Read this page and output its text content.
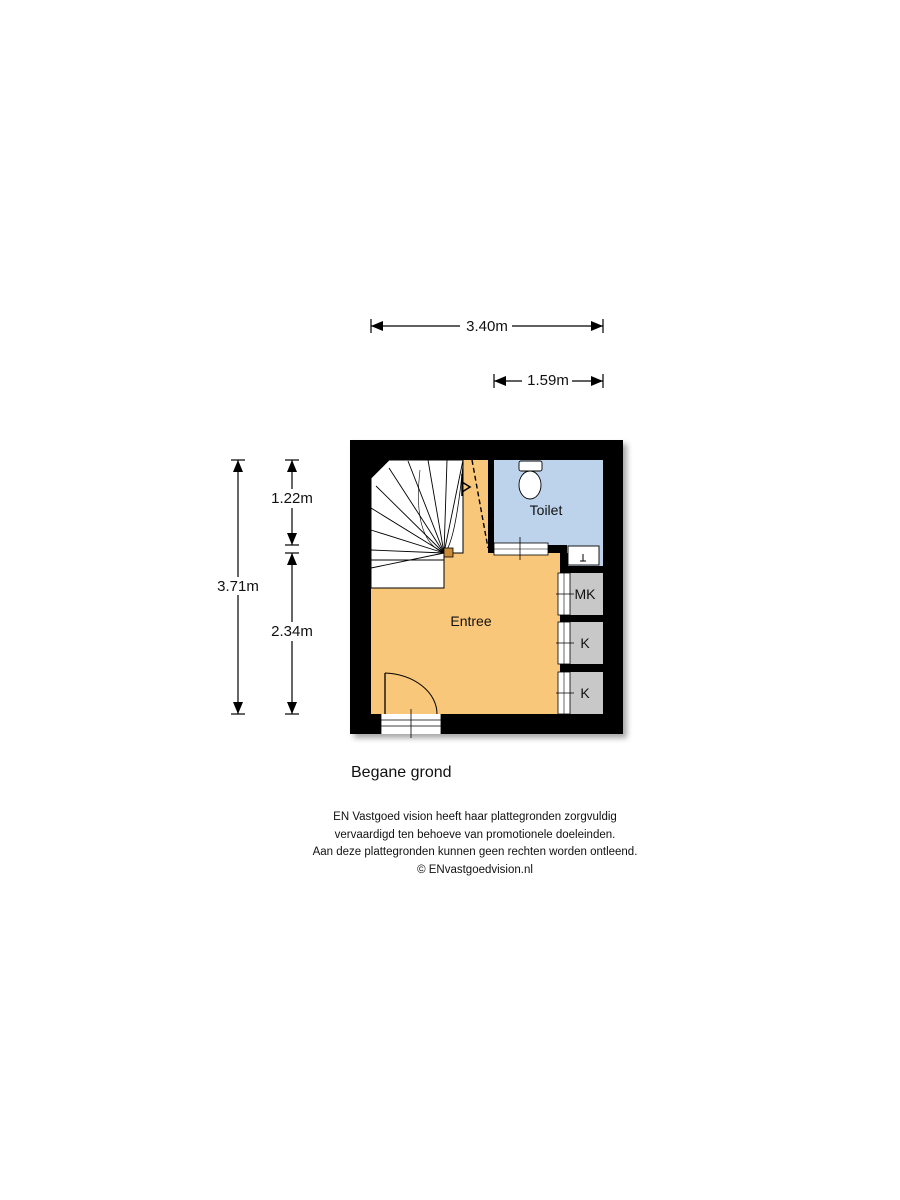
3.40m
1.59m
3.71m
1.22m
2.34m
Entree
Toilet
MK
K
K
Begane grond
EN Vastgoed vision heeft haar plattegronden zorgvuldig
vervaardigd ten behoeve van promotionele doeleinden.
Aan deze plattegronden kunnen geen rechten worden ontleend.
© ENvastgoedvision.nl
